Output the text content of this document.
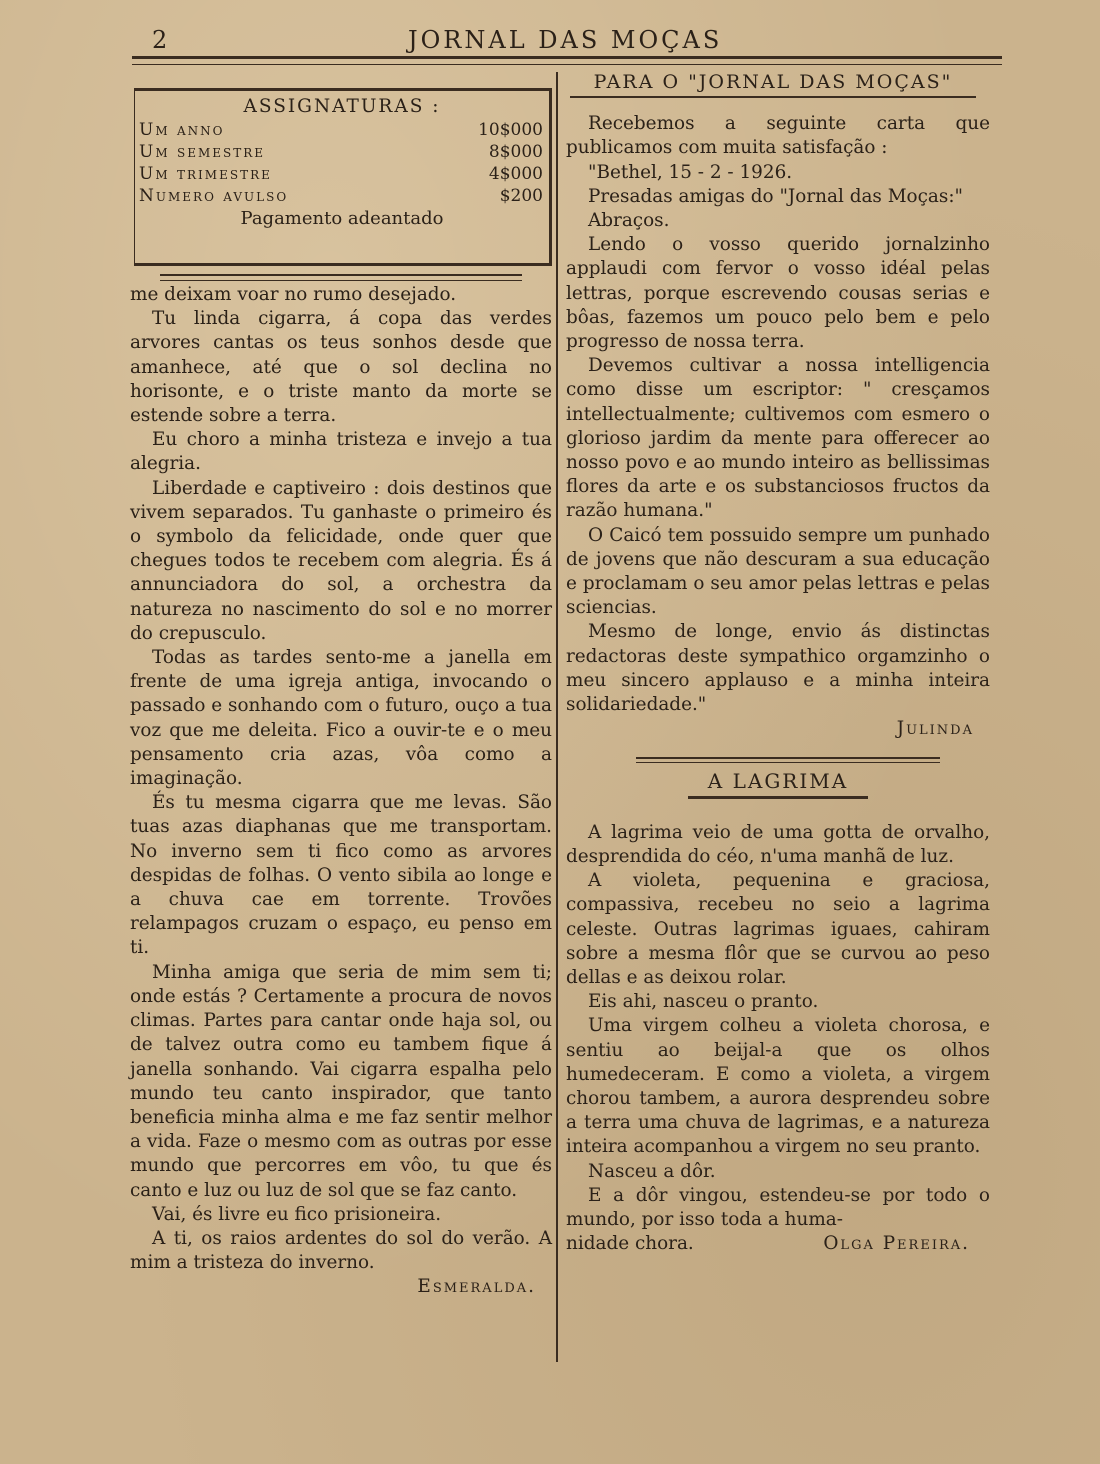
2	JORNAL DAS MOÇAS
ASSIGNATURAS :
Um anno	10$000
Um semestre	8$000
Um trimestre	4$000
Numero avulso	$200
Pagamento adeantado

me deixam voar no rumo desejado.

Tu linda cigarra, á copa das verdes arvores cantas os teus sonhos desde que amanhece, até que o sol declina no horisonte, e o triste manto da morte se estende sobre a terra.

Eu choro a minha tristeza e invejo a tua alegria.

Liberdade e captiveiro : dois destinos que vivem separados. Tu ganhaste o primeiro és o symbolo da felicidade, onde quer que chegues todos te recebem com alegria. És á annunciadora do sol, a orchestra da natureza no nascimento do sol e no morrer do crepusculo.

Todas as tardes sento-me a janella em frente de uma igreja antiga, invocando o passado e sonhando com o futuro, ouço a tua voz que me deleita. Fico a ouvir-te e o meu pensamento cria azas, vôa como a imaginação.

És tu mesma cigarra que me levas. São tuas azas diaphanas que me transportam. No inverno sem ti fico como as arvores despidas de folhas. O vento sibila ao longe e a chuva cae em torrente. Trovões relampagos cruzam o espaço, eu penso em ti.

Minha amiga que seria de mim sem ti; onde estás ? Certamente a procura de novos climas. Partes para cantar onde haja sol, ou de talvez outra como eu tambem fique á janella sonhando. Vai cigarra espalha pelo mundo teu canto inspirador, que tanto beneficia minha alma e me faz sentir melhor a vida. Faze o mesmo com as outras por esse mundo que percorres em vôo, tu que és canto e luz ou luz de sol que se faz canto.

Vai, és livre eu fico prisioneira.

A ti, os raios ardentes do sol do verão. A mim a tristeza do inverno.

Esmeralda.
PARA O "JORNAL DAS MOÇAS"

Recebemos a seguinte carta que publicamos com muita satisfação :

"Bethel, 15 - 2 - 1926.

Presadas amigas do "Jornal das Moças:"

Abraços.

Lendo o vosso querido jornalzinho applaudi com fervor o vosso idéal pelas lettras, porque escrevendo cousas serias e bôas, fazemos um pouco pelo bem e pelo progresso de nossa terra.

Devemos cultivar a nossa intelligencia como disse um escriptor: " cresçamos intellectualmente; cultivemos com esmero o glorioso jardim da mente para offerecer ao nosso povo e ao mundo inteiro as bellissimas flores da arte e os substanciosos fructos da razão humana."

O Caicó tem possuido sempre um punhado de jovens que não descuram a sua educação e proclamam o seu amor pelas lettras e pelas sciencias.

Mesmo de longe, envio ás distinctas redactoras deste sympathico orgamzinho o meu sincero applauso e a minha inteira solidariedade."

Julinda
A LAGRIMA

A lagrima veio de uma gotta de orvalho, desprendida do céo, n'uma manhã de luz.

A violeta, pequenina e graciosa, compassiva, recebeu no seio a lagrima celeste. Outras lagrimas iguaes, cahiram sobre a mesma flôr que se curvou ao peso dellas e as deixou rolar.

Eis ahi, nasceu o pranto.

Uma virgem colheu a violeta chorosa, e sentiu ao beijal-a que os olhos humedeceram. E como a violeta, a virgem chorou tambem, a aurora desprendeu sobre a terra uma chuva de lagrimas, e a natureza inteira acompanhou a virgem no seu pranto.

Nasceu a dôr.

E a dôr vingou, estendeu-se por todo o mundo, por isso toda a huma-

nidade chora.	Olga Pereira.
